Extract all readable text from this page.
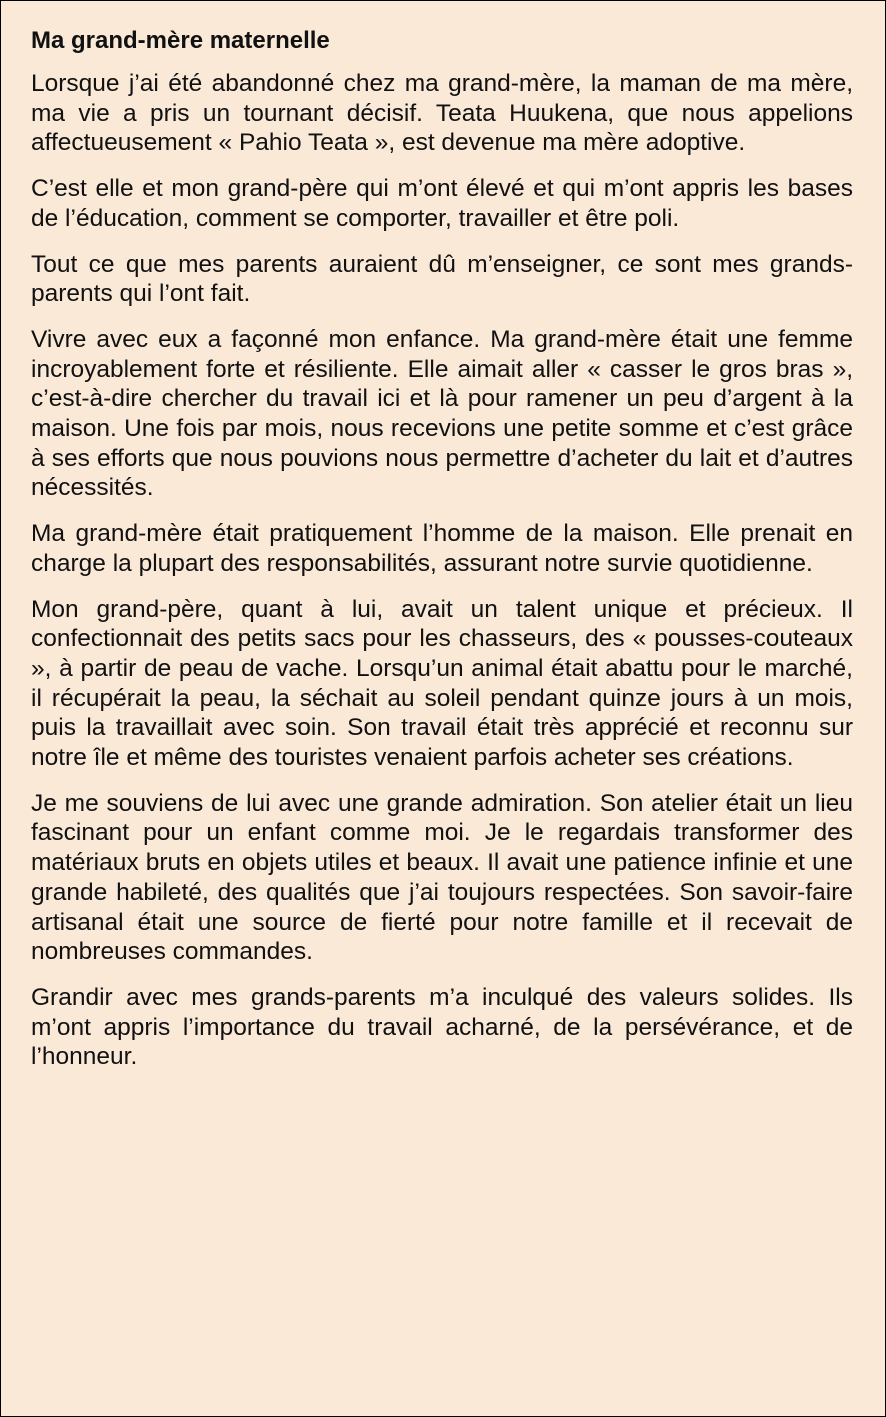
Ma grand-mère maternelle

Lorsque j’ai été abandonné chez ma grand-mère, la maman de ma mère, ma vie a pris un tournant décisif. Teata Huukena, que nous appelions affectueusement « Pahio Teata », est devenue ma mère adoptive.

C’est elle et mon grand-père qui m’ont élevé et qui m’ont appris les bases de l’éducation, comment se comporter, travailler et être poli.

Tout ce que mes parents auraient dû m’enseigner, ce sont mes grands-parents qui l’ont fait.

Vivre avec eux a façonné mon enfance. Ma grand-mère était une femme incroyablement forte et résiliente. Elle aimait aller « casser le gros bras », c’est-à-dire chercher du travail ici et là pour ramener un peu d’argent à la maison. Une fois par mois, nous recevions une petite somme et c’est grâce à ses efforts que nous pouvions nous permettre d’acheter du lait et d’autres nécessités.

Ma grand-mère était pratiquement l’homme de la maison. Elle prenait en charge la plupart des responsabilités, assurant notre survie quotidienne.

Mon grand-père, quant à lui, avait un talent unique et précieux. Il confectionnait des petits sacs pour les chasseurs, des « pousses-couteaux », à partir de peau de vache. Lorsqu’un animal était abattu pour le marché, il récupérait la peau, la séchait au soleil pendant quinze jours à un mois, puis la travaillait avec soin. Son travail était très apprécié et reconnu sur notre île et même des touristes venaient parfois acheter ses créations.

Je me souviens de lui avec une grande admiration. Son atelier était un lieu fascinant pour un enfant comme moi. Je le regardais transformer des matériaux bruts en objets utiles et beaux. Il avait une patience infinie et une grande habileté, des qualités que j’ai toujours respectées. Son savoir-faire artisanal était une source de fierté pour notre famille et il recevait de nombreuses commandes.

Grandir avec mes grands-parents m’a inculqué des valeurs solides. Ils m’ont appris l’importance du travail acharné, de la persévérance, et de l’honneur.
